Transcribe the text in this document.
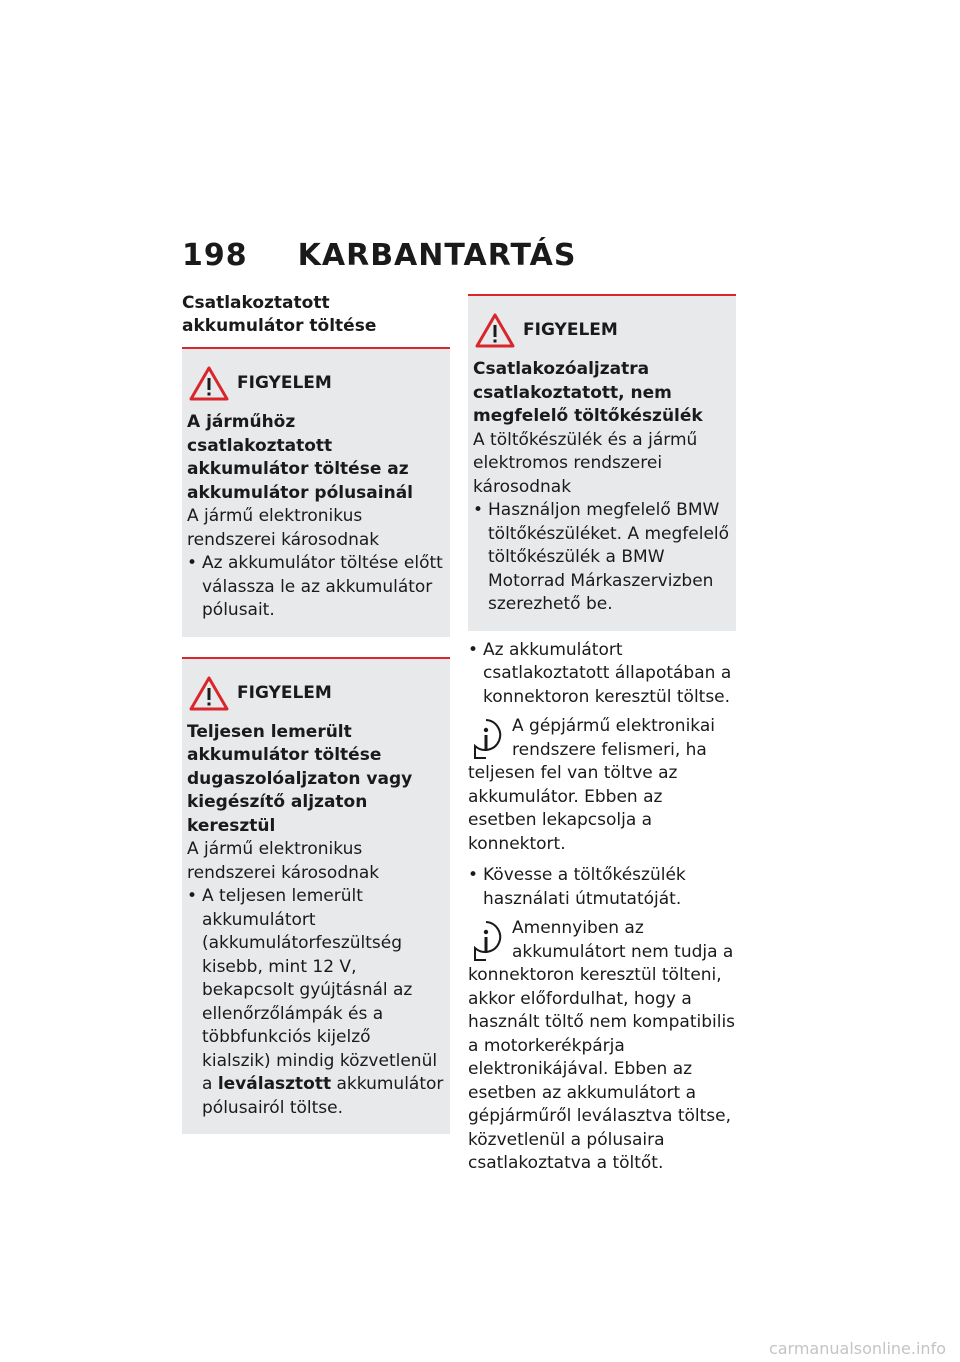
198 KARBANTARTÁS
Csatlakoztatott akkumulátor töltése
FIGYELEM
A járműhöz csatlakoztatott akkumulátor töltése az akkumulátor pólusainál
A jármű elektronikus rendszerei károsodnak
• Az akkumulátor töltése előtt válassza le az akkumulátor pólusait.
FIGYELEM
Teljesen lemerült akkumulátor töltése dugaszolóaljzaton vagy kiegészítő aljzaton keresztül
A jármű elektronikus rendszerei károsodnak
• A teljesen lemerült akkumulátort (akkumulátorfeszültség kisebb, mint 12 V, bekapcsolt gyújtásnál az ellenőrzőlámpák és a többfunkciós kijelző kialszik) mindig közvetlenül a leválasztott akkumulátor pólusairól töltse.
FIGYELEM
Csatlakozóaljzatra csatlakoztatott, nem megfelelő töltőkészülék
A töltőkészülék és a jármű elektromos rendszerei károsodnak
• Használjon megfelelő BMW töltőkészüléket. A megfelelő töltőkészülék a BMW Motorrad Márkaszervizben szerezhető be.

• Az akkumulátort csatlakoztatott állapotában a konnektoron keresztül töltse.

A gépjármű elektronikai rendszere felismeri, ha teljesen fel van töltve az akkumulátor. Ebben az esetben lekapcsolja a konnektort.

• Kövesse a töltőkészülék használati útmutatóját.

Amennyiben az akkumulátort nem tudja a konnektoron keresztül tölteni, akkor előfordulhat, hogy a használt töltő nem kompatibilis a motorkerékpárja elektronikájával. Ebben az esetben az akkumulátort a gépjárműről leválasztva töltse, közvetlenül a pólusaira csatlakoztatva a töltőt.
carmanualsonline.info
